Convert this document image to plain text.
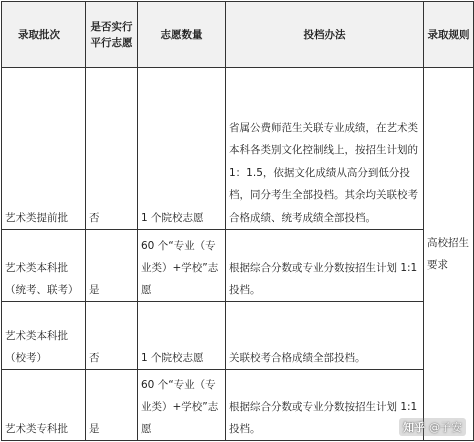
录取批次	是否实行平行志愿	志愿数量	投档办法	录取规则
艺术类提前批	否	1 个院校志愿	省属公费师范生关联专业成绩，在艺术类本科各类别文化控制线上，按招生计划的 1：1.5，依据文化成绩从高分到低分投档，同分考生全部投档。其余均关联校考合格成绩、统考成绩全部投档。	高校招生要求
艺术类本科批（统考、联考）	是	60 个“专业（专业类）+学校”志愿	根据综合分数或专业分数按招生计划 1:1 投档。	
艺术类本科批（校考）	否	1 个院校志愿	关联校考合格成绩全部投档。	
艺术类专科批	是	60 个“专业（专业类）+学校”志愿	根据综合分数或专业分数按招生计划 1:1 投档。		知乎 @子安
